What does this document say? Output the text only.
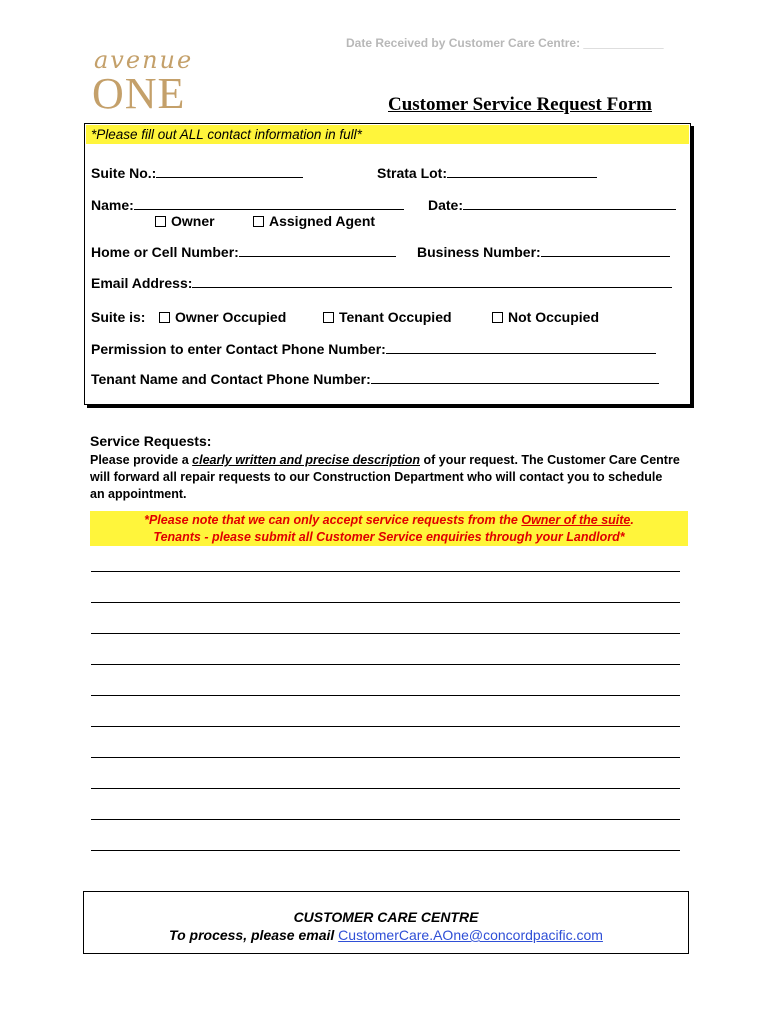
Date Received by Customer Care Centre: ____________
avenue
ONE	Customer Service Request Form
*Please fill out ALL contact information in full*
Suite No.:	Strata Lot:
Name:	Date:
Owner	Assigned Agent
Home or Cell Number:	Business Number:
Email Address:
Suite is: Owner Occupied	Tenant Occupied	Not Occupied
Permission to enter Contact Phone Number:
Tenant Name and Contact Phone Number:
Service Requests:
Please provide a clearly written and precise description of your request. The Customer Care Centre will forward all repair requests to our Construction Department who will contact you to schedule an appointment.
*Please note that we can only accept service requests from the Owner of the suite.
Tenants - please submit all Customer Service enquiries through your Landlord*
CUSTOMER CARE CENTRE
To process, please email CustomerCare.AOne@concordpacific.com
